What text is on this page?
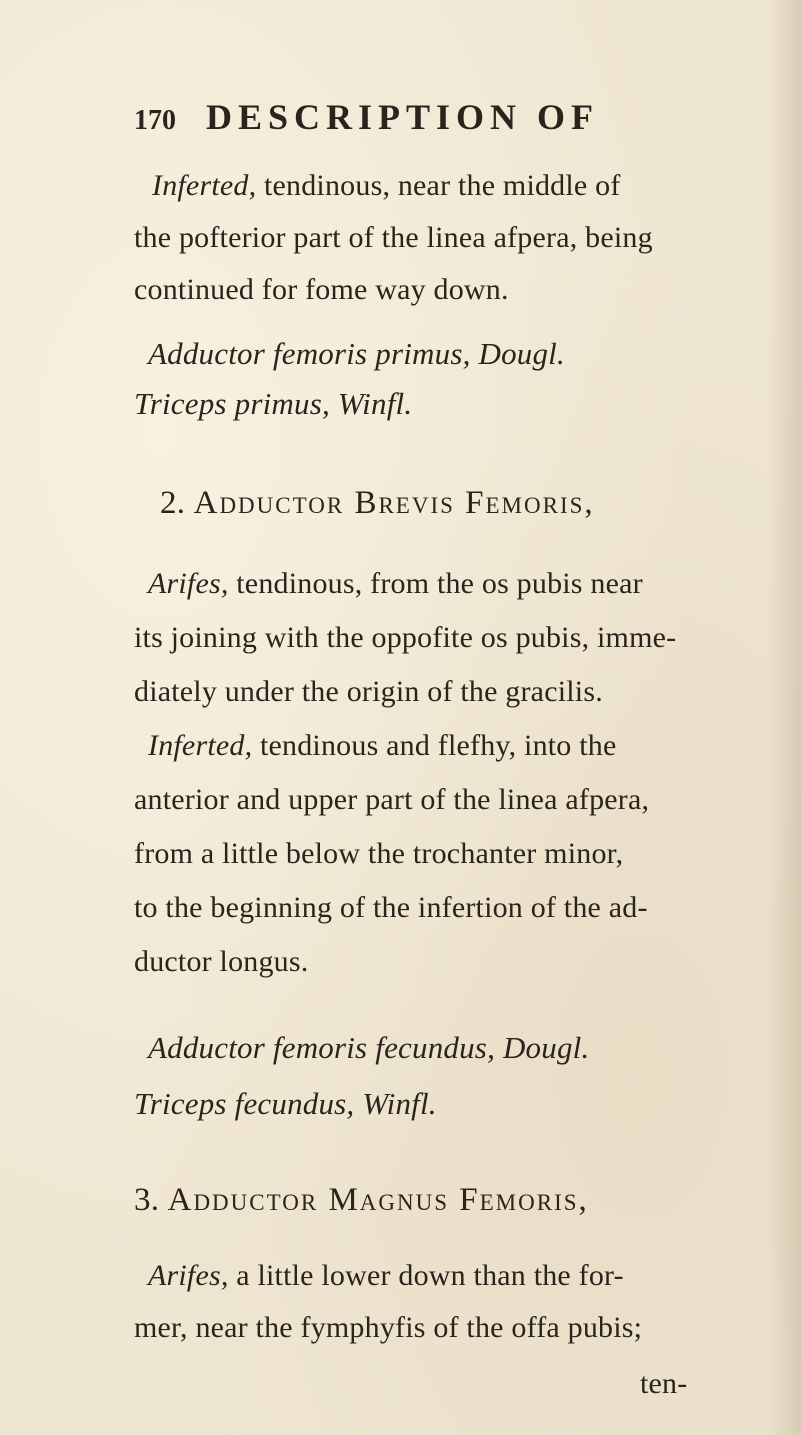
170 DESCRIPTION OF
Inferted, tendinous, near the middle of
the pofterior part of the linea afpera, being
continued for fome way down.
Adductor femoris primus, Dougl.
Triceps primus, Winfl.
2. Adductor Brevis Femoris,
Arifes, tendinous, from the os pubis near
its joining with the oppofite os pubis, imme-
diately under the origin of the gracilis.
Inferted, tendinous and flefhy, into the
anterior and upper part of the linea afpera,
from a little below the trochanter minor,
to the beginning of the infertion of the ad-
ductor longus.
Adductor femoris fecundus, Dougl.
Triceps fecundus, Winfl.
3. Adductor Magnus Femoris,
Arifes, a little lower down than the for-
mer, near the fymphyfis of the offa pubis;
ten-
